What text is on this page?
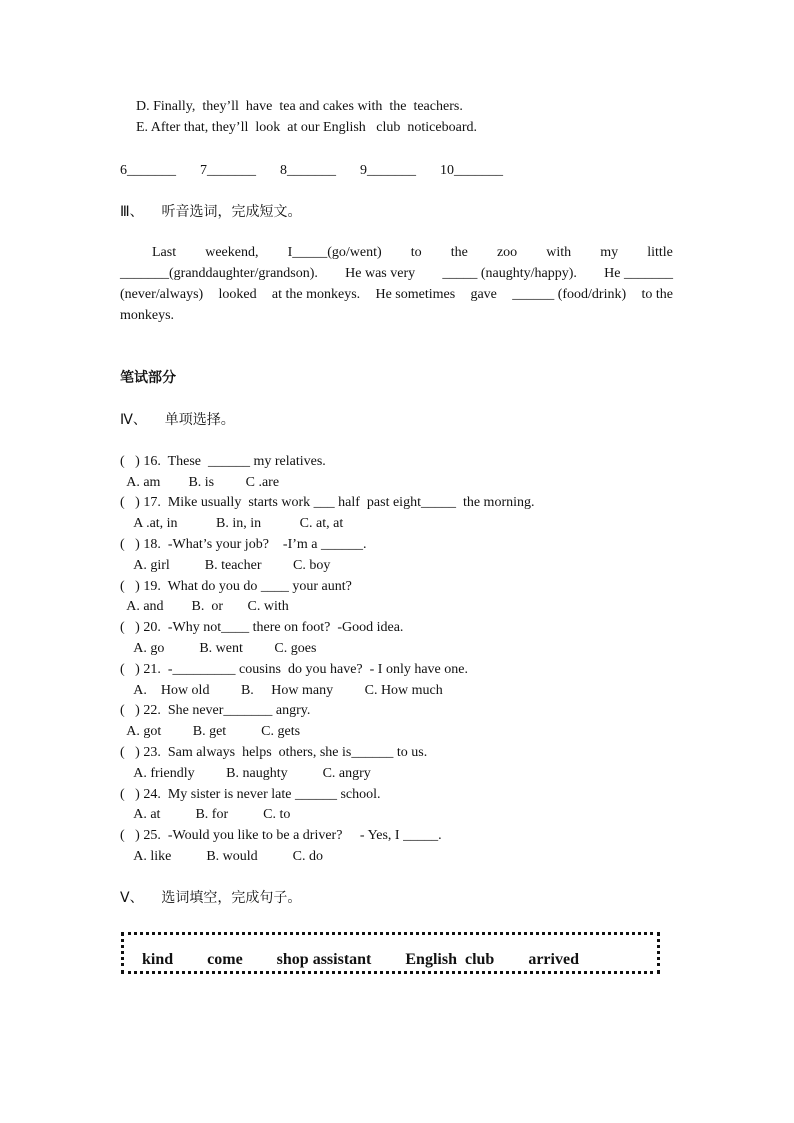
D. Finally,  they’ll  have  tea and cakes with  the  teachers.
E. After that, they’ll  look  at our English   club  noticeboard.
6_______ 7_______ 8_______ 9_______ 10_______
Ⅲ、    听音选词，完成短文。
Last weekend, I_____(go/went) to the zoo with my little
_______(granddaughter/grandson). He was very _____ (naughty/happy). He _______
(never/always) looked at the monkeys. He sometimes gave ______ (food/drink) to the
monkeys.
笔试部分
Ⅳ、    单项选择。
(   ) 16.  These  ______ my relatives.
A. am        B. is         C .are
(   ) 17.  Mike usually  starts work ___ half  past eight_____  the morning.
A .at, in           B. in, in           C. at, at
(   ) 18.  -What’s your job?    -I’m a ______.
A. girl          B. teacher         C. boy
(   ) 19.  What do you do ____ your aunt?
A. and        B.  or       C. with
(   ) 20.  -Why not____ there on foot?  -Good idea.
A. go          B. went         C. goes
(   ) 21.  -_________ cousins  do you have?  - I only have one.
A.    How old         B.     How many         C. How much
(   ) 22.  She never_______ angry.
A. got         B. get          C. gets
(   ) 23.  Sam always  helps  others, she is______ to us.
A. friendly         B. naughty          C. angry
(   ) 24.  My sister is never late ______ school.
A. at          B. for          C. to
(   ) 25.  -Would you like to be a driver?     - Yes, I _____.
A. like          B. would          C. do
Ⅴ、    选词填空，完成句子。
kind come shop assistant English  club arrived
